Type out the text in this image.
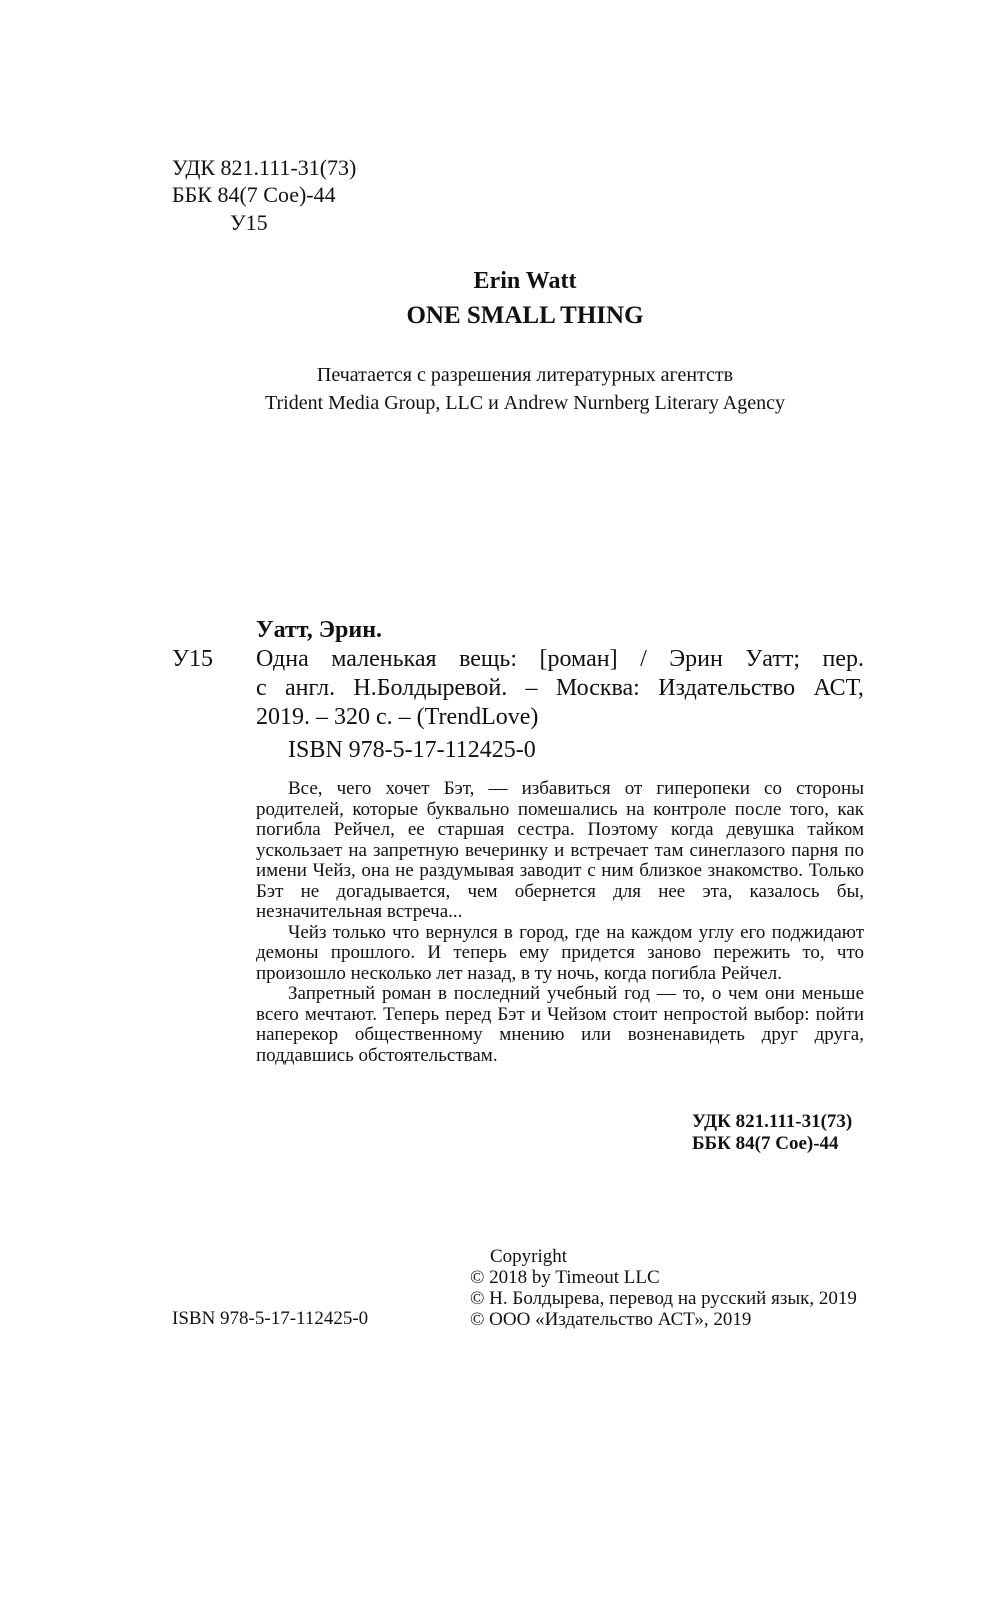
УДК 821.111-31(73)
ББК 84(7 Сое)-44
У15
Erin Watt
ONE SMALL THING
Печатается с разрешения литературных агентств
Trident Media Group, LLC и Andrew Nurnberg Literary Agency
Уатт, Эрин.
У15 Одна маленькая вещь: [роман] / Эрин Уатт; пер.
с англ. Н.Болдыревой. – Москва: Издательство АСТ,
2019. – 320 с. – (TrendLove)
ISBN 978-5-17-112425-0

Все, чего хочет Бэт, — избавиться от гиперопеки со стороны родителей, которые буквально помешались на контроле после того, как погибла Рейчел, ее старшая сестра. Поэтому когда девушка тайком ускользает на запретную вечеринку и встречает там синеглазого парня по имени Чейз, она не раздумывая заводит с ним близкое знакомство. Только Бэт не догадывается, чем обернется для нее эта, казалось бы, незначительная встреча...

Чейз только что вернулся в город, где на каждом углу его поджидают демоны прошлого. И теперь ему придется заново пережить то, что произошло несколько лет назад, в ту ночь, когда погибла Рейчел.

Запретный роман в последний учебный год — то, о чем они меньше всего мечтают. Теперь перед Бэт и Чейзом стоит непростой выбор: пойти наперекор общественному мнению или возненавидеть друг друга, поддавшись обстоятельствам.

УДК 821.111-31(73)
ББК 84(7 Сое)-44
ISBN 978-5-17-112425-0
Copyright
© 2018 by Timeout LLC
© Н. Болдырева, перевод на русский язык, 2019
© ООО «Издательство АСТ», 2019
